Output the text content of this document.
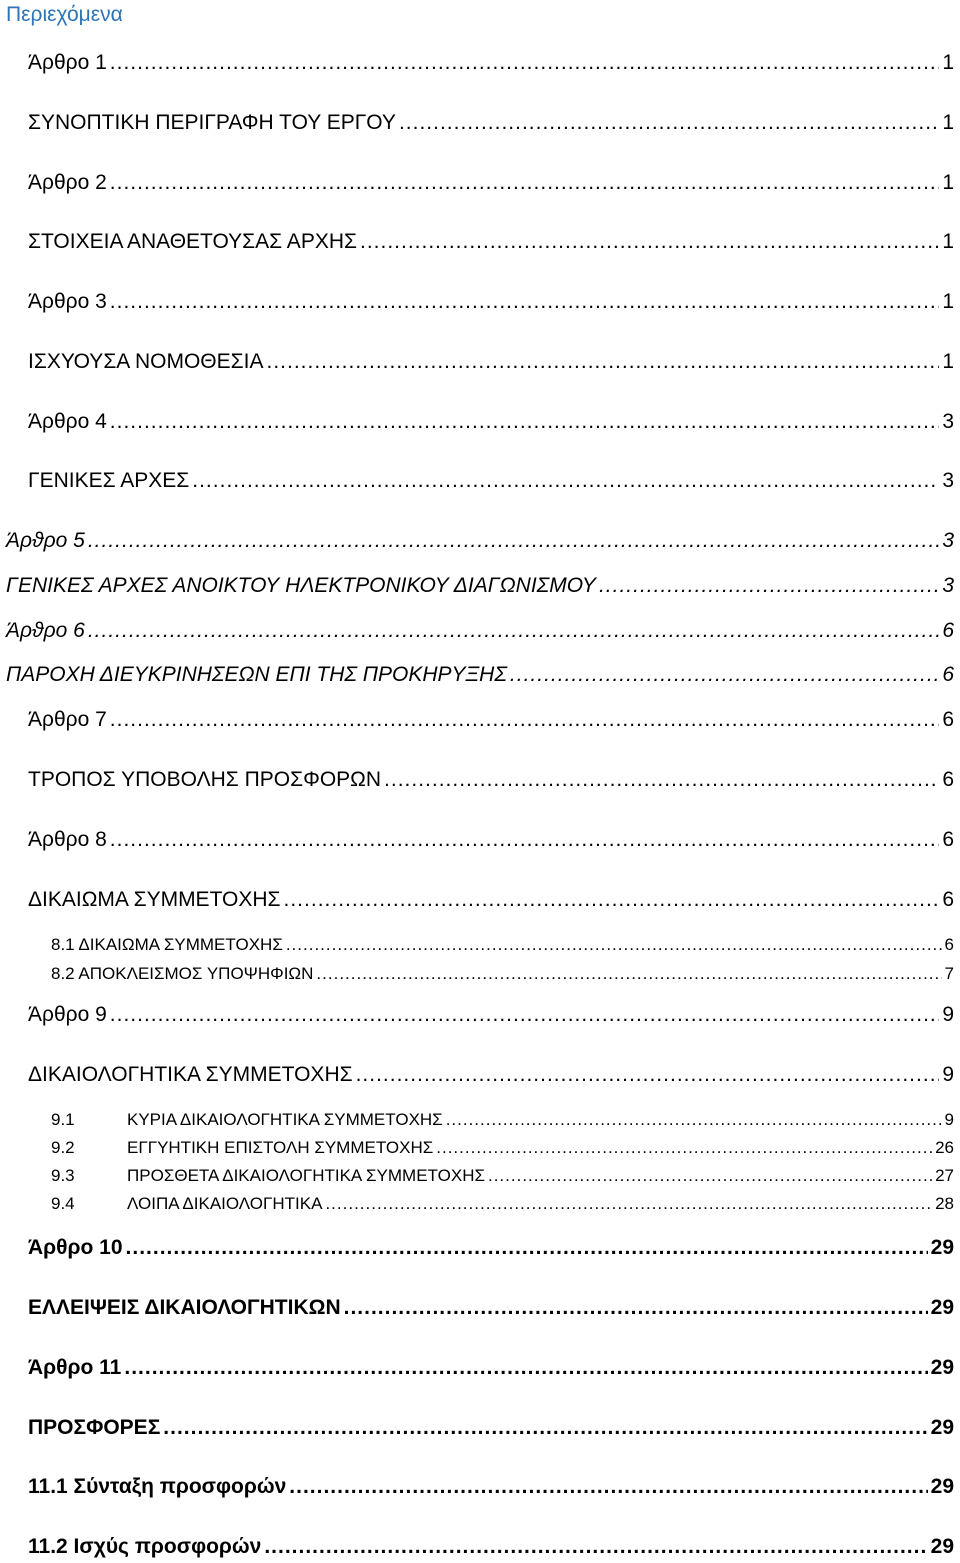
Περιεχόμενα
Άρθρο 1 .....	1
ΣΥΝΟΠΤΙΚΗ ΠΕΡΙΓΡΑΦΗ ΤΟΥ ΕΡΓΟΥ .....	1
Άρθρο 2 .....	1
ΣΤΟΙΧΕΙΑ ΑΝΑΘΕΤΟΥΣΑΣ ΑΡΧΗΣ .....	1
Άρθρο 3 .....	1
ΙΣΧΥΟΥΣΑ ΝΟΜΟΘΕΣΙΑ .....	1
Άρθρο 4 .....	3
ΓΕΝΙΚΕΣ ΑΡΧΕΣ .....	3
Άρϑρο 5 .....	3
ΓΕΝΙΚΕΣ ΑΡΧΕΣ ΑΝΟΙΚΤΟΥ ΗΛΕΚΤΡΟΝΙΚΟΥ ΔΙΑΓΩΝΙΣΜΟΥ .....	3
Άρϑρο 6 .....	6
ΠΑΡΟΧΗ ΔΙΕΥΚΡΙΝΗΣΕΩΝ ΕΠΙ ΤΗΣ ΠΡΟΚΗΡΥΞΗΣ .....	6
Άρθρο 7 .....	6
ΤΡΟΠΟΣ ΥΠΟΒΟΛΗΣ ΠΡΟΣΦΟΡΩΝ .....	6
Άρθρο 8 .....	6
ΔΙΚΑΙΩΜΑ ΣΥΜΜΕΤΟΧΗΣ .....	6
8.1 ΔΙΚΑΙΩΜΑ ΣΥΜΜΕΤΟΧΗΣ .....	6
8.2 ΑΠΟΚΛΕΙΣΜΟΣ ΥΠΟΨΗΦΙΩΝ .....	7
Άρθρο 9 .....	9
ΔΙΚΑΙΟΛΟΓΗΤΙΚΑ ΣΥΜΜΕΤΟΧΗΣ .....	9
9.1	ΚΥΡΙΑ ΔΙΚΑΙΟΛΟΓΗΤΙΚΑ ΣΥΜΜΕΤΟΧΗΣ .....	9
9.2	ΕΓΓΥΗΤΙΚΗ ΕΠΙΣΤΟΛΗ ΣΥΜΜΕΤΟΧΗΣ .....	26
9.3	ΠΡΟΣΘΕΤΑ ΔΙΚΑΙΟΛΟΓΗΤΙΚΑ ΣΥΜΜΕΤΟΧΗΣ .....	27
9.4	ΛΟΙΠΑ ΔΙΚΑΙΟΛΟΓΗΤΙΚΑ .....	28
Άρθρο 10 .....	29
ΕΛΛΕΙΨΕΙΣ ΔΙΚΑΙΟΛΟΓΗΤΙΚΩΝ .....	29
Άρθρο 11 .....	29
ΠΡΟΣΦΟΡΕΣ .....	29
11.1 Σύνταξη προσφορών .....	29
11.2 Ισχύς προσφορών .....	29
